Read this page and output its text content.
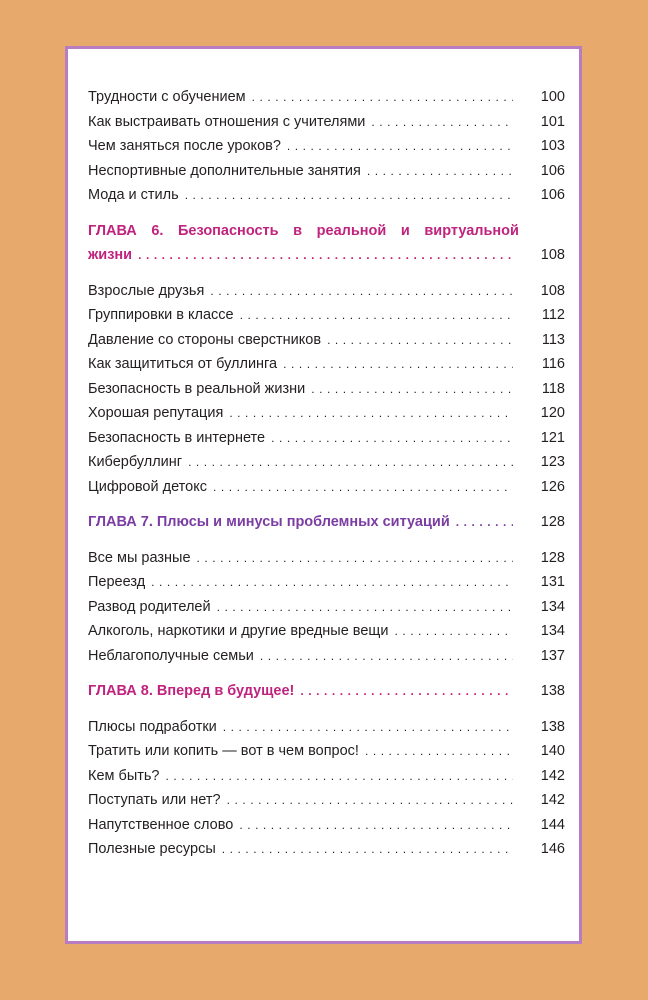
Трудности с обучением . . .	100
Как выстраивать отношения с учителями . . .	101
Чем заняться после уроков? . . .	103
Неспортивные дополнительные занятия . . .	106
Мода и стиль . . .	106
ГЛАВА 6. Безопасность в реальной и виртуальной
жизни . . .	108
Взрослые друзья . . .	108
Группировки в классе . . .	112
Давление со стороны сверстников . . .	113
Как защититься от буллинга . . .	116
Безопасность в реальной жизни . . .	118
Хорошая репутация . . .	120
Безопасность в интернете . . .	121
Кибербуллинг . . .	123
Цифровой детокс . . .	126
ГЛАВА 7. Плюсы и минусы проблемных ситуаций . . .	128
Все мы разные . . .	128
Переезд . . .	131
Развод родителей . . .	134
Алкоголь, наркотики и другие вредные вещи . . .	134
Неблагополучные семьи . . .	137
ГЛАВА 8. Вперед в будущее! . . .	138
Плюсы подработки . . .	138
Тратить или копить — вот в чем вопрос! . . .	140
Кем быть? . . .	142
Поступать или нет? . . .	142
Напутственное слово . . .	144
Полезные ресурсы . . .	146
